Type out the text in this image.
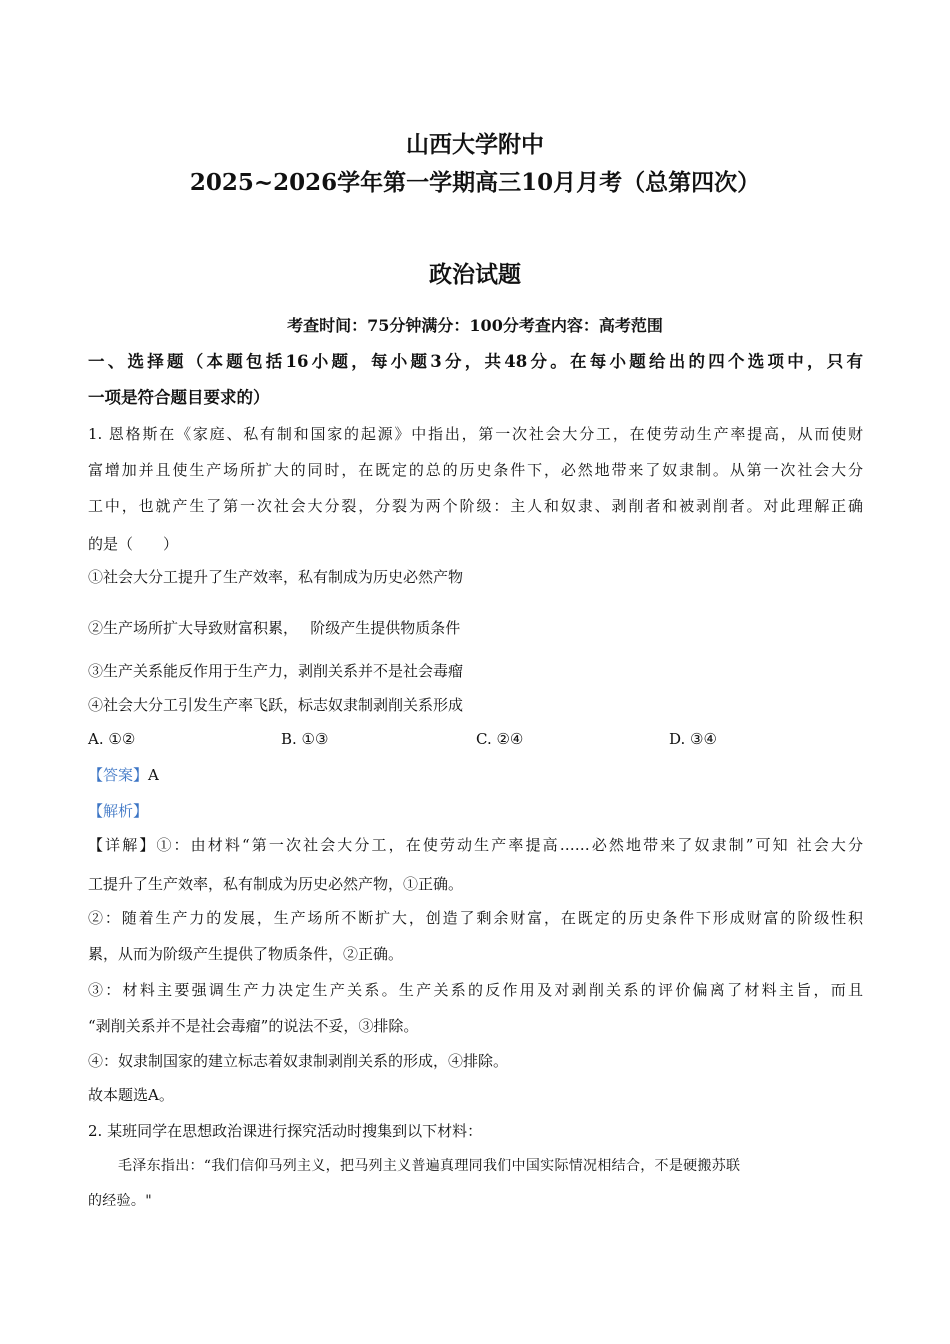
山西大学附中
2025~2026学年第一学期高三10月月考（总第四次）
政治试题
考查时间：75分钟满分：100分考查内容：高考范围
一、选择题（本题包括16小题，每小题3分，共48分。在每小题给出的四个选项中，只有
一项是符合题目要求的）
1. 恩格斯在《家庭、私有制和国家的起源》中指出，第一次社会大分工，在使劳动生产率提高，从而使财
富增加并且使生产场所扩大的同时，在既定的总的历史条件下，必然地带来了奴隶制。从第一次社会大分
工中，也就产生了第一次社会大分裂，分裂为两个阶级：主人和奴隶、剥削者和被剥削者。对此理解正确
的是（　　）
①社会大分工提升了生产效率，私有制成为历史必然产物
②生产场所扩大导致财富积累，　 阶级产生提供物质条件
③生产关系能反作用于生产力，剥削关系并不是社会毒瘤
④社会大分工引发生产率飞跃，标志奴隶制剥削关系形成
A. ①②	B. ①③	C. ②④	D. ③④
【答案】A
【解析】
【详解】①：由材料“第一次社会大分工，在使劳动生产率提高……必然地带来了奴隶制”可知 社会大分
工提升了生产效率，私有制成为历史必然产物，①正确。
②：随着生产力的发展，生产场所不断扩大，创造了剩余财富，在既定的历史条件下形成财富的阶级性积
累，从而为阶级产生提供了物质条件，②正确。
③：材料主要强调生产力决定生产关系。生产关系的反作用及对剥削关系的评价偏离了材料主旨，而且
“剥削关系并不是社会毒瘤”的说法不妥，③排除。
④：奴隶制国家的建立标志着奴隶制剥削关系的形成，④排除。
故本题选A。
2. 某班同学在思想政治课进行探究活动时搜集到以下材料：
毛泽东指出：“我们信仰马列主义，把马列主义普遍真理同我们中国实际情况相结合，不是硬搬苏联
的经验。"
